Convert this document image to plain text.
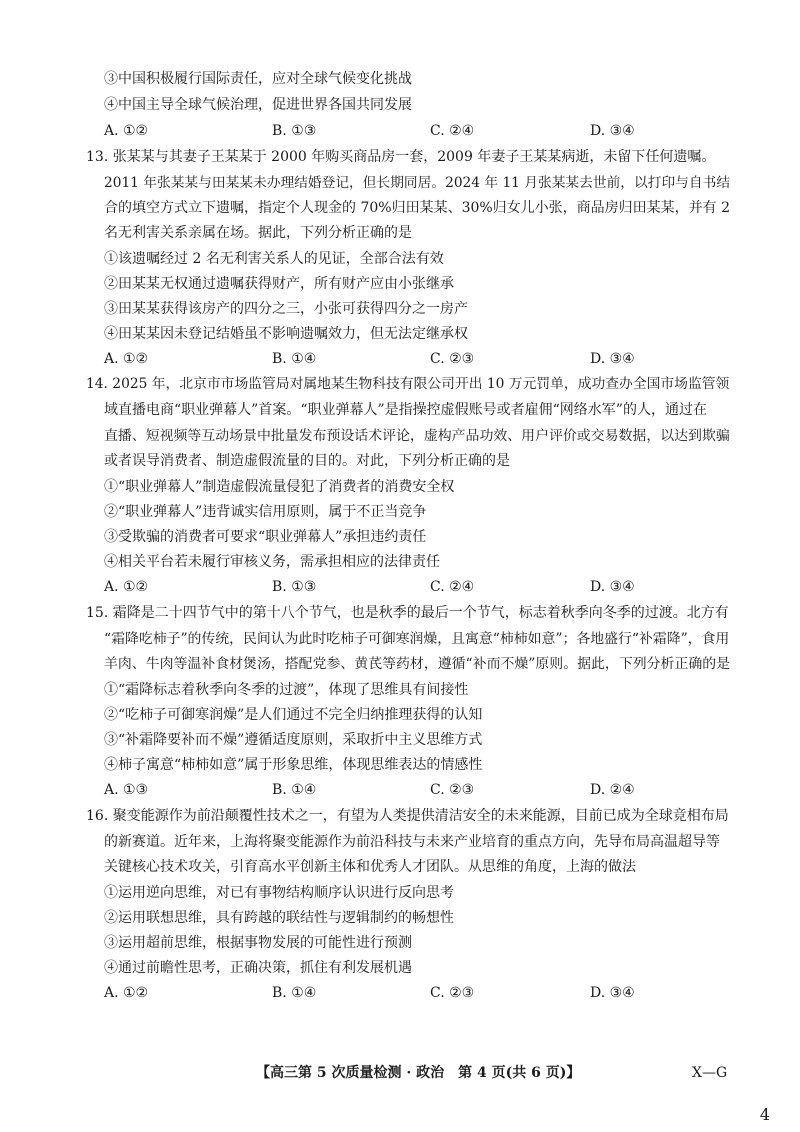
③中国积极履行国际责任，应对全球气候变化挑战
④中国主导全球气候治理，促进世界各国共同发展
A. ①②	B. ①③	C. ②④	D. ③④
13. 张某某与其妻子王某某于 2000 年购买商品房一套，2009 年妻子王某某病逝，未留下任何遗嘱。
2011 年张某某与田某某未办理结婚登记，但长期同居。2024 年 11 月张某某去世前，以打印与自书结
合的填空方式立下遗嘱，指定个人现金的 70%归田某某、30%归女儿小张，商品房归田某某，并有 2
名无利害关系亲属在场。据此，下列分析正确的是
①该遗嘱经过 2 名无利害关系人的见证，全部合法有效
②田某某无权通过遗嘱获得财产，所有财产应由小张继承
③田某某获得该房产的四分之三，小张可获得四分之一房产
④田某某因未登记结婚虽不影响遗嘱效力，但无法定继承权
A. ①②	B. ①④	C. ②③	D. ③④
14. 2025 年，北京市市场监管局对属地某生物科技有限公司开出 10 万元罚单，成功查办全国市场监管领
域直播电商“职业弹幕人”首案。“职业弹幕人”是指操控虚假账号或者雇佣“网络水军”的人，通过在
直播、短视频等互动场景中批量发布预设话术评论，虚构产品功效、用户评价或交易数据，以达到欺骗
或者误导消费者、制造虚假流量的目的。对此，下列分析正确的是
①“职业弹幕人”制造虚假流量侵犯了消费者的消费安全权
②“职业弹幕人”违背诚实信用原则，属于不正当竞争
③受欺骗的消费者可要求“职业弹幕人”承担违约责任
④相关平台若未履行审核义务，需承担相应的法律责任
A. ①②	B. ①③	C. ②④	D. ③④
15. 霜降是二十四节气中的第十八个节气，也是秋季的最后一个节气，标志着秋季向冬季的过渡。北方有
“霜降吃柿子”的传统，民间认为此时吃柿子可御寒润燥，且寓意“柿柿如意”；各地盛行“补霜降”，食用
羊肉、牛肉等温补食材煲汤，搭配党参、黄芪等药材，遵循“补而不燥”原则。据此，下列分析正确的是
①“霜降标志着秋季向冬季的过渡”，体现了思维具有间接性
②“吃柿子可御寒润燥”是人们通过不完全归纳推理获得的认知
③“补霜降要补而不燥”遵循适度原则，采取折中主义思维方式
④柿子寓意“柿柿如意”属于形象思维，体现思维表达的情感性
A. ①③	B. ①④	C. ②③	D. ②④
16. 聚变能源作为前沿颠覆性技术之一，有望为人类提供清洁安全的未来能源，目前已成为全球竞相布局
的新赛道。近年来，上海将聚变能源作为前沿科技与未来产业培育的重点方向，先导布局高温超导等
关键核心技术攻关，引育高水平创新主体和优秀人才团队。从思维的角度，上海的做法
①运用逆向思维，对已有事物结构顺序认识进行反向思考
②运用联想思维，具有跨越的联结性与逻辑制约的畅想性
③运用超前思维，根据事物发展的可能性进行预测
④通过前瞻性思考，正确决策，抓住有利发展机遇
A. ①②	B. ①④	C. ②③	D. ③④
【高三第 5 次质量检测 · 政治　第 4 页(共 6 页)】	X—G
4
